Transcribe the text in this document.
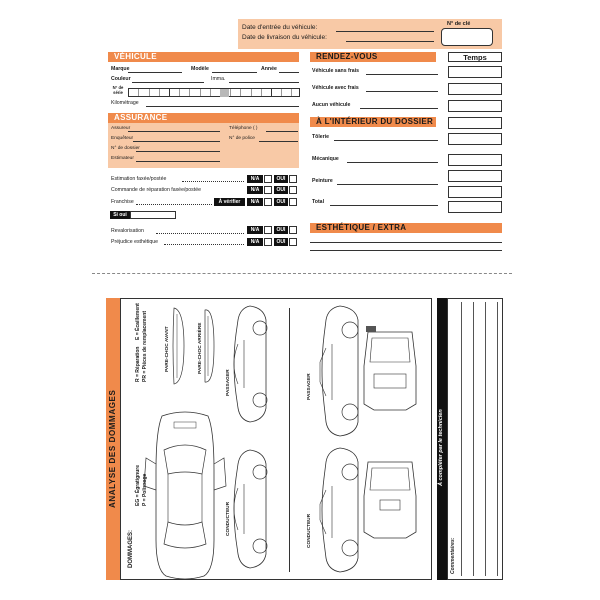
Date d'entrée du véhicule:
Date de livraison du véhicule:
N° de clé
VÉHICULE
Marque	Modèle	Année
Couleur	Imma.
N° de série
Kilométrage
ASSURANCE
Assureur	Téléphone ( )
Enquêteur	N° de police
N° de dossier
Estimateur
Estimation faxée/postée	N/A	OUI
Commande de réparation faxée/postée	N/A	OUI
Franchise	À vérifier	N/A	OUI
Si oui
Revalorisation	N/A	OUI
Préjudice esthétique	N/A	OUI
RENDEZ-VOUS	Temps
Véhicule sans frais
Véhicule avec frais
Aucun véhicule
À L'INTÉRIEUR DU DOSSIER
Tôlerie
Mécanique
Peinture
Total
ESTHÉTIQUE / EXTRA
ANALYSE DES DOMMAGES
DOMMAGES:
EG = Égratignure P = Polissage
R = Réparation PR = Pièces de remplacement
E = Écaillement
PARE-CHOC AVANT	PARE-CHOC ARRIÈRE
PASSAGER
CONDUCTEUR
PASSAGER
CONDUCTEUR
À compléter par le technicien
Commentaires:
